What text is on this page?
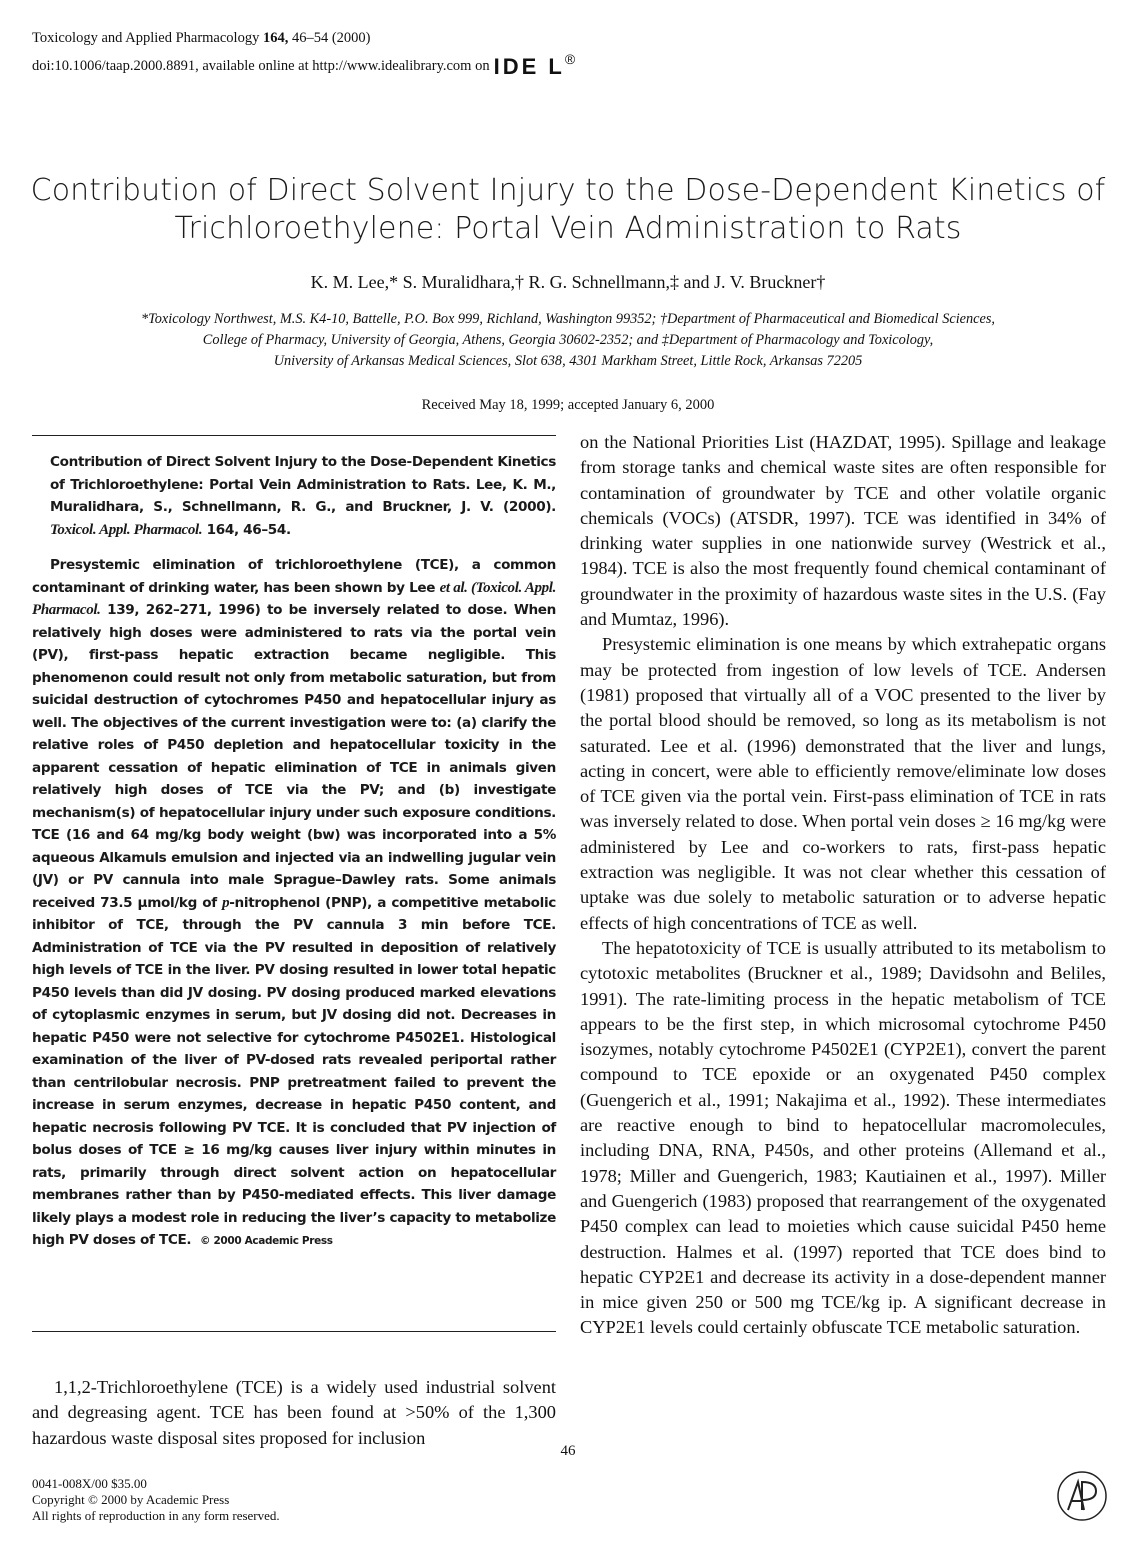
Toxicology and Applied Pharmacology 164, 46–54 (2000)
doi:10.1006/taap.2000.8891, available online at http://www.idealibrary.com on IDE L®
Contribution of Direct Solvent Injury to the Dose-Dependent Kinetics of
Trichloroethylene: Portal Vein Administration to Rats
K. M. Lee,* S. Muralidhara,† R. G. Schnellmann,‡ and J. V. Bruckner†
*Toxicology Northwest, M.S. K4-10, Battelle, P.O. Box 999, Richland, Washington 99352; †Department of Pharmaceutical and Biomedical Sciences,
College of Pharmacy, University of Georgia, Athens, Georgia 30602-2352; and ‡Department of Pharmacology and Toxicology,
University of Arkansas Medical Sciences, Slot 638, 4301 Markham Street, Little Rock, Arkansas 72205
Received May 18, 1999; accepted January 6, 2000
Contribution of Direct Solvent Injury to the Dose-Dependent Kinetics of Trichloroethylene: Portal Vein Administration to Rats. Lee, K. M., Muralidhara, S., Schnellmann, R. G., and Bruckner, J. V. (2000). Toxicol. Appl. Pharmacol. 164, 46–54.
Presystemic elimination of trichloroethylene (TCE), a common contaminant of drinking water, has been shown by Lee et al. (Toxicol. Appl. Pharmacol. 139, 262–271, 1996) to be inversely related to dose. When relatively high doses were administered to rats via the portal vein (PV), first-pass hepatic extraction became negligible. This phenomenon could result not only from metabolic saturation, but from suicidal destruction of cytochromes P450 and hepatocellular injury as well. The objectives of the current investigation were to: (a) clarify the relative roles of P450 depletion and hepatocellular toxicity in the apparent cessation of hepatic elimination of TCE in animals given relatively high doses of TCE via the PV; and (b) investigate mechanism(s) of hepatocellular injury under such exposure conditions. TCE (16 and 64 mg/kg body weight (bw) was incorporated into a 5% aqueous Alkamuls emulsion and injected via an indwelling jugular vein (JV) or PV cannula into male Sprague–Dawley rats. Some animals received 73.5 μmol/kg of p-nitrophenol (PNP), a competitive metabolic inhibitor of TCE, through the PV cannula 3 min before TCE. Administration of TCE via the PV resulted in deposition of relatively high levels of TCE in the liver. PV dosing resulted in lower total hepatic P450 levels than did JV dosing. PV dosing produced marked elevations of cytoplasmic enzymes in serum, but JV dosing did not. Decreases in hepatic P450 were not selective for cytochrome P4502E1. Histological examination of the liver of PV-dosed rats revealed periportal rather than centrilobular necrosis. PNP pretreatment failed to prevent the increase in serum enzymes, decrease in hepatic P450 content, and hepatic necrosis following PV TCE. It is concluded that PV injection of bolus doses of TCE ≥ 16 mg/kg causes liver injury within minutes in rats, primarily through direct solvent action on hepatocellular membranes rather than by P450-mediated effects. This liver damage likely plays a modest role in reducing the liver’s capacity to metabolize high PV doses of TCE. © 2000 Academic Press

1,1,2-Trichloroethylene (TCE) is a widely used industrial solvent and degreasing agent. TCE has been found at >50% of the 1,300 hazardous waste disposal sites proposed for inclusion

on the National Priorities List (HAZDAT, 1995). Spillage and leakage from storage tanks and chemical waste sites are often responsible for contamination of groundwater by TCE and other volatile organic chemicals (VOCs) (ATSDR, 1997). TCE was identified in 34% of drinking water supplies in one nationwide survey (Westrick et al., 1984). TCE is also the most frequently found chemical contaminant of groundwater in the proximity of hazardous waste sites in the U.S. (Fay and Mumtaz, 1996).

Presystemic elimination is one means by which extrahepatic organs may be protected from ingestion of low levels of TCE. Andersen (1981) proposed that virtually all of a VOC presented to the liver by the portal blood should be removed, so long as its metabolism is not saturated. Lee et al. (1996) demonstrated that the liver and lungs, acting in concert, were able to efficiently remove/eliminate low doses of TCE given via the portal vein. First-pass elimination of TCE in rats was inversely related to dose. When portal vein doses ≥ 16 mg/kg were administered by Lee and co-workers to rats, first-pass hepatic extraction was negligible. It was not clear whether this cessation of uptake was due solely to metabolic saturation or to adverse hepatic effects of high concentrations of TCE as well.

The hepatotoxicity of TCE is usually attributed to its metabolism to cytotoxic metabolites (Bruckner et al., 1989; Davidsohn and Beliles, 1991). The rate-limiting process in the hepatic metabolism of TCE appears to be the first step, in which microsomal cytochrome P450 isozymes, notably cytochrome P4502E1 (CYP2E1), convert the parent compound to TCE epoxide or an oxygenated P450 complex (Guengerich et al., 1991; Nakajima et al., 1992). These intermediates are reactive enough to bind to hepatocellular macromolecules, including DNA, RNA, P450s, and other proteins (Allemand et al., 1978; Miller and Guengerich, 1983; Kautiainen et al., 1997). Miller and Guengerich (1983) proposed that rearrangement of the oxygenated P450 complex can lead to moieties which cause suicidal P450 heme destruction. Halmes et al. (1997) reported that TCE does bind to hepatic CYP2E1 and decrease its activity in a dose-dependent manner in mice given 250 or 500 mg TCE/kg ip. A significant decrease in CYP2E1 levels could certainly obfuscate TCE metabolic saturation.

46
0041-008X/00 $35.00
Copyright © 2000 by Academic Press
All rights of reproduction in any form reserved.
